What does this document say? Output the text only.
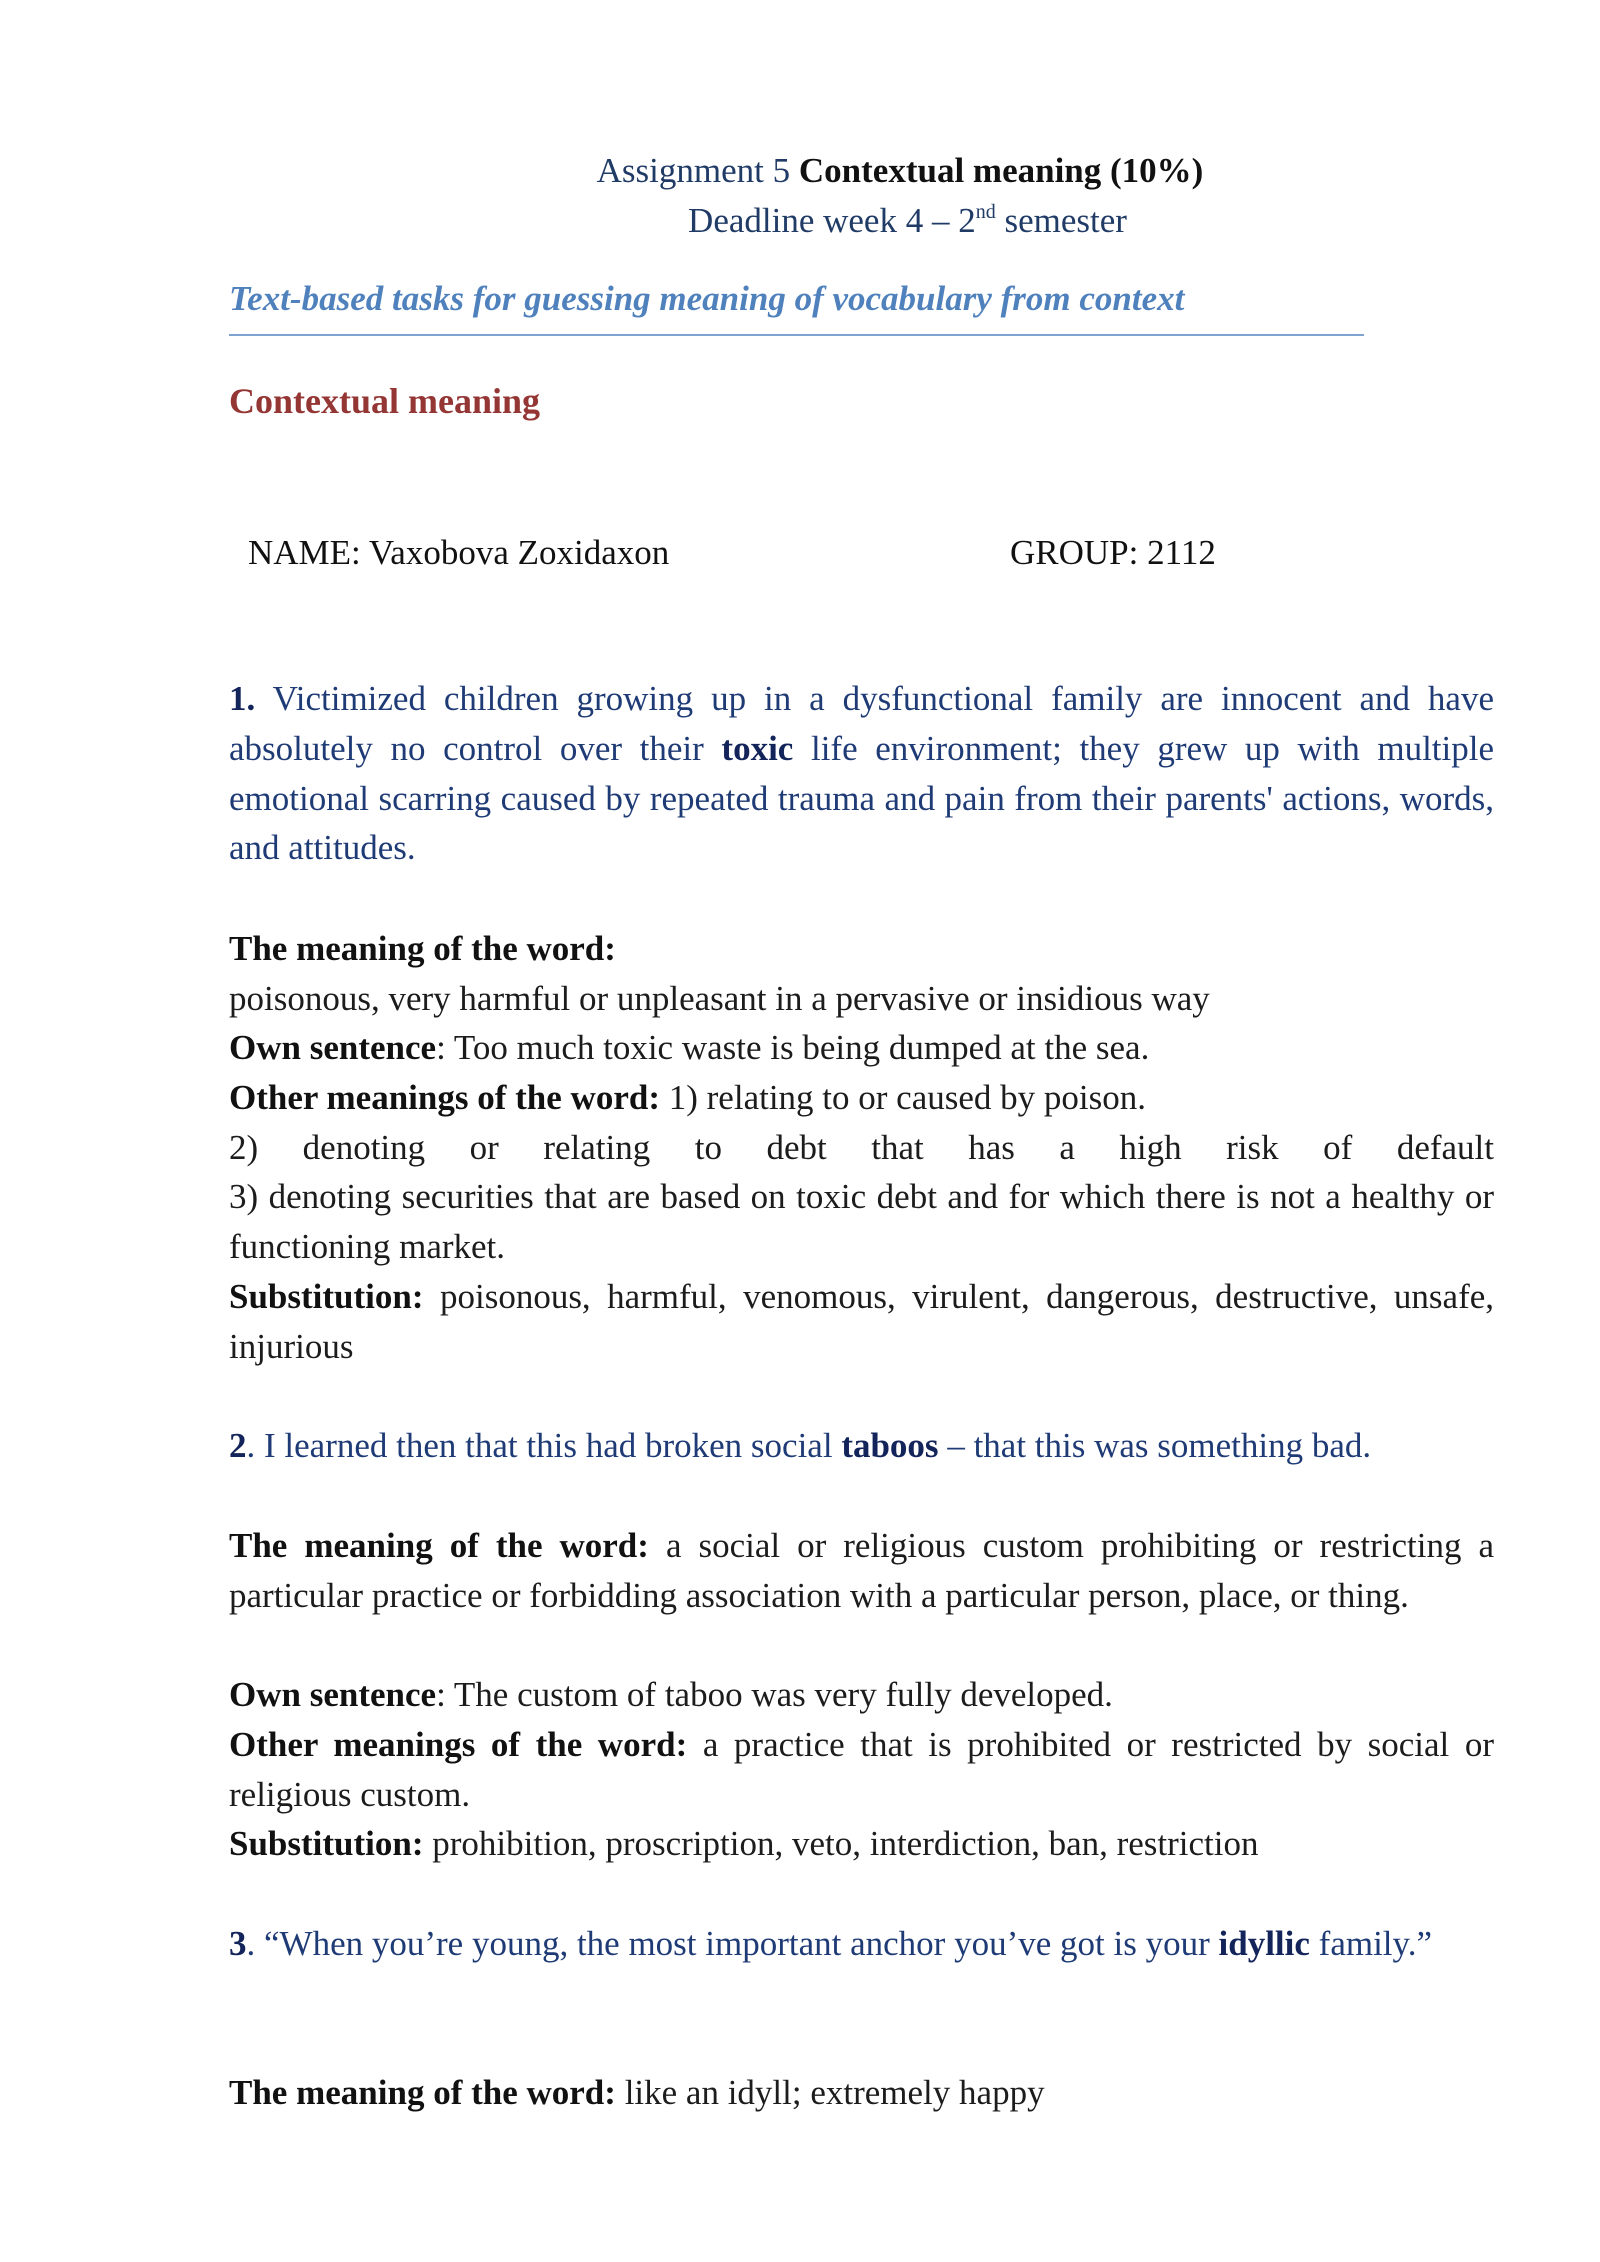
Assignment 5 Contextual meaning (10%)
Deadline week 4 – 2nd semester
Text-based tasks for guessing meaning of vocabulary from context
Contextual meaning
NAME: Vaxobova Zoxidaxon	GROUP: 2112
1. Victimized children growing up in a dysfunctional family are innocent and have absolutely no control over their toxic life environment; they grew up with multiple emotional scarring caused by repeated trauma and pain from their parents' actions, words, and attitudes.
The meaning of the word:
poisonous, very harmful or unpleasant in a pervasive or insidious way
Own sentence: Too much toxic waste is being dumped at the sea.
Other meanings of the word: 1) relating to or caused by poison.
2) denoting or relating to debt that has a high risk of default
3) denoting securities that are based on toxic debt and for which there is not a healthy or functioning market.
Substitution: poisonous, harmful, venomous, virulent, dangerous, destructive, unsafe, injurious
2. I learned then that this had broken social taboos – that this was something bad.
The meaning of the word: a social or religious custom prohibiting or restricting a particular practice or forbidding association with a particular person, place, or thing.
Own sentence: The custom of taboo was very fully developed.
Other meanings of the word: a practice that is prohibited or restricted by social or religious custom.
Substitution: prohibition, proscription, veto, interdiction, ban, restriction
3. “When you’re young, the most important anchor you’ve got is your idyllic family.”
The meaning of the word: like an idyll; extremely happy
